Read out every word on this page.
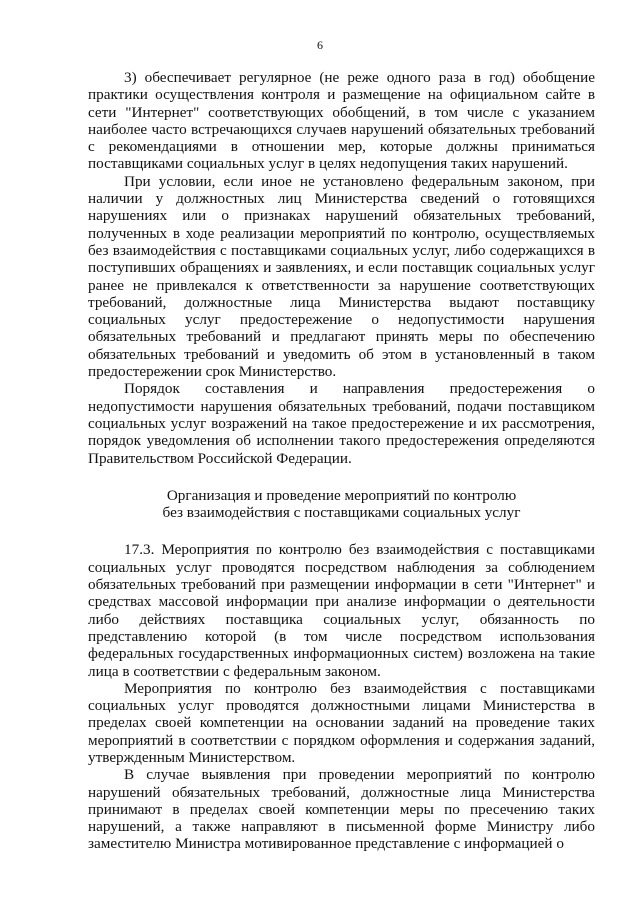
6

3) обеспечивает регулярное (не реже одного раза в год) обобщение практики осуществления контроля и размещение на официальном сайте в сети "Интернет" соответствующих обобщений, в том числе с указанием наиболее часто встречающихся случаев нарушений обязательных требований с рекомендациями в отношении мер, которые должны приниматься поставщиками социальных услуг в целях недопущения таких нарушений.

При условии, если иное не установлено федеральным законом, при наличии у должностных лиц Министерства сведений о готовящихся нарушениях или о признаках нарушений обязательных требований, полученных в ходе реализации мероприятий по контролю, осуществляемых без взаимодействия с поставщиками социальных услуг, либо содержащихся в поступивших обращениях и заявлениях, и если поставщик социальных услуг ранее не привлекался к ответственности за нарушение соответствующих требований, должностные лица Министерства выдают поставщику социальных услуг предостережение о недопустимости нарушения обязательных требований и предлагают принять меры по обеспечению обязательных требований и уведомить об этом в установленный в таком предостережении срок Министерство.

Порядок составления и направления предостережения о недопустимости нарушения обязательных требований, подачи поставщиком социальных услуг возражений на такое предостережение и их рассмотрения, порядок уведомления об исполнении такого предостережения определяются Правительством Российской Федерации.

Организация и проведение мероприятий по контролю

без взаимодействия с поставщиками социальных услуг

17.3. Мероприятия по контролю без взаимодействия с поставщиками социальных услуг проводятся посредством наблюдения за соблюдением обязательных требований при размещении информации в сети "Интернет" и средствах массовой информации при анализе информации о деятельности либо действиях поставщика социальных услуг, обязанность по представлению которой (в том числе посредством использования федеральных государственных информационных систем) возложена на такие лица в соответствии с федеральным законом.

Мероприятия по контролю без взаимодействия с поставщиками социальных услуг проводятся должностными лицами Министерства в пределах своей компетенции на основании заданий на проведение таких мероприятий в соответствии с порядком оформления и содержания заданий, утвержденным Министерством.

В случае выявления при проведении мероприятий по контролю нарушений обязательных требований, должностные лица Министерства принимают в пределах своей компетенции меры по пресечению таких нарушений, а также направляют в письменной форме Министру либо заместителю Министра мотивированное представление с информацией о
